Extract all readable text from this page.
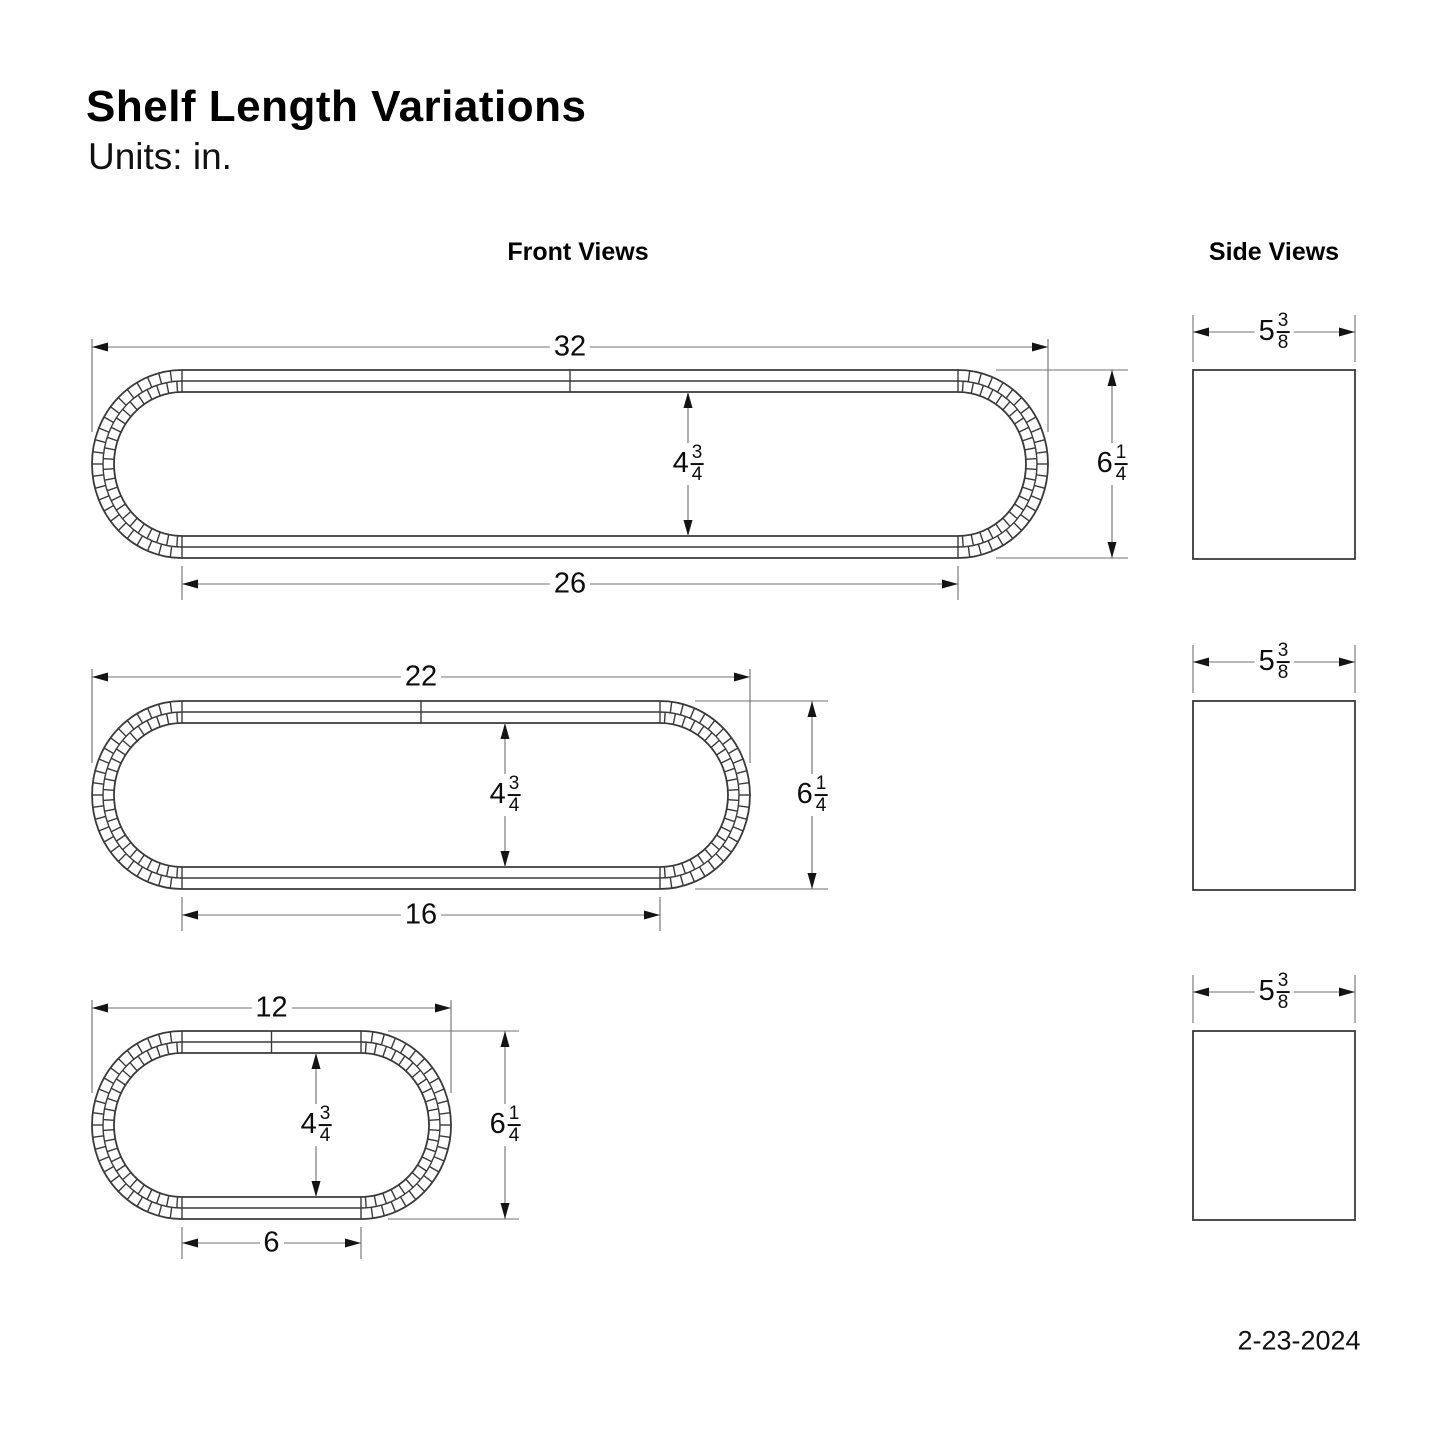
Shelf Length Variations
Units: in.
Front Views	Side Views
32
26
$6 \frac{1}{4}$
$4 \frac{3}{4}$
$5 \frac{3}{8}$
22
16
$6 \frac{1}{4}$
$4 \frac{3}{4}$
$5 \frac{3}{8}$
12
6
$6 \frac{1}{4}$
$4 \frac{3}{4}$
$5 \frac{3}{8}$
2-23-2024
